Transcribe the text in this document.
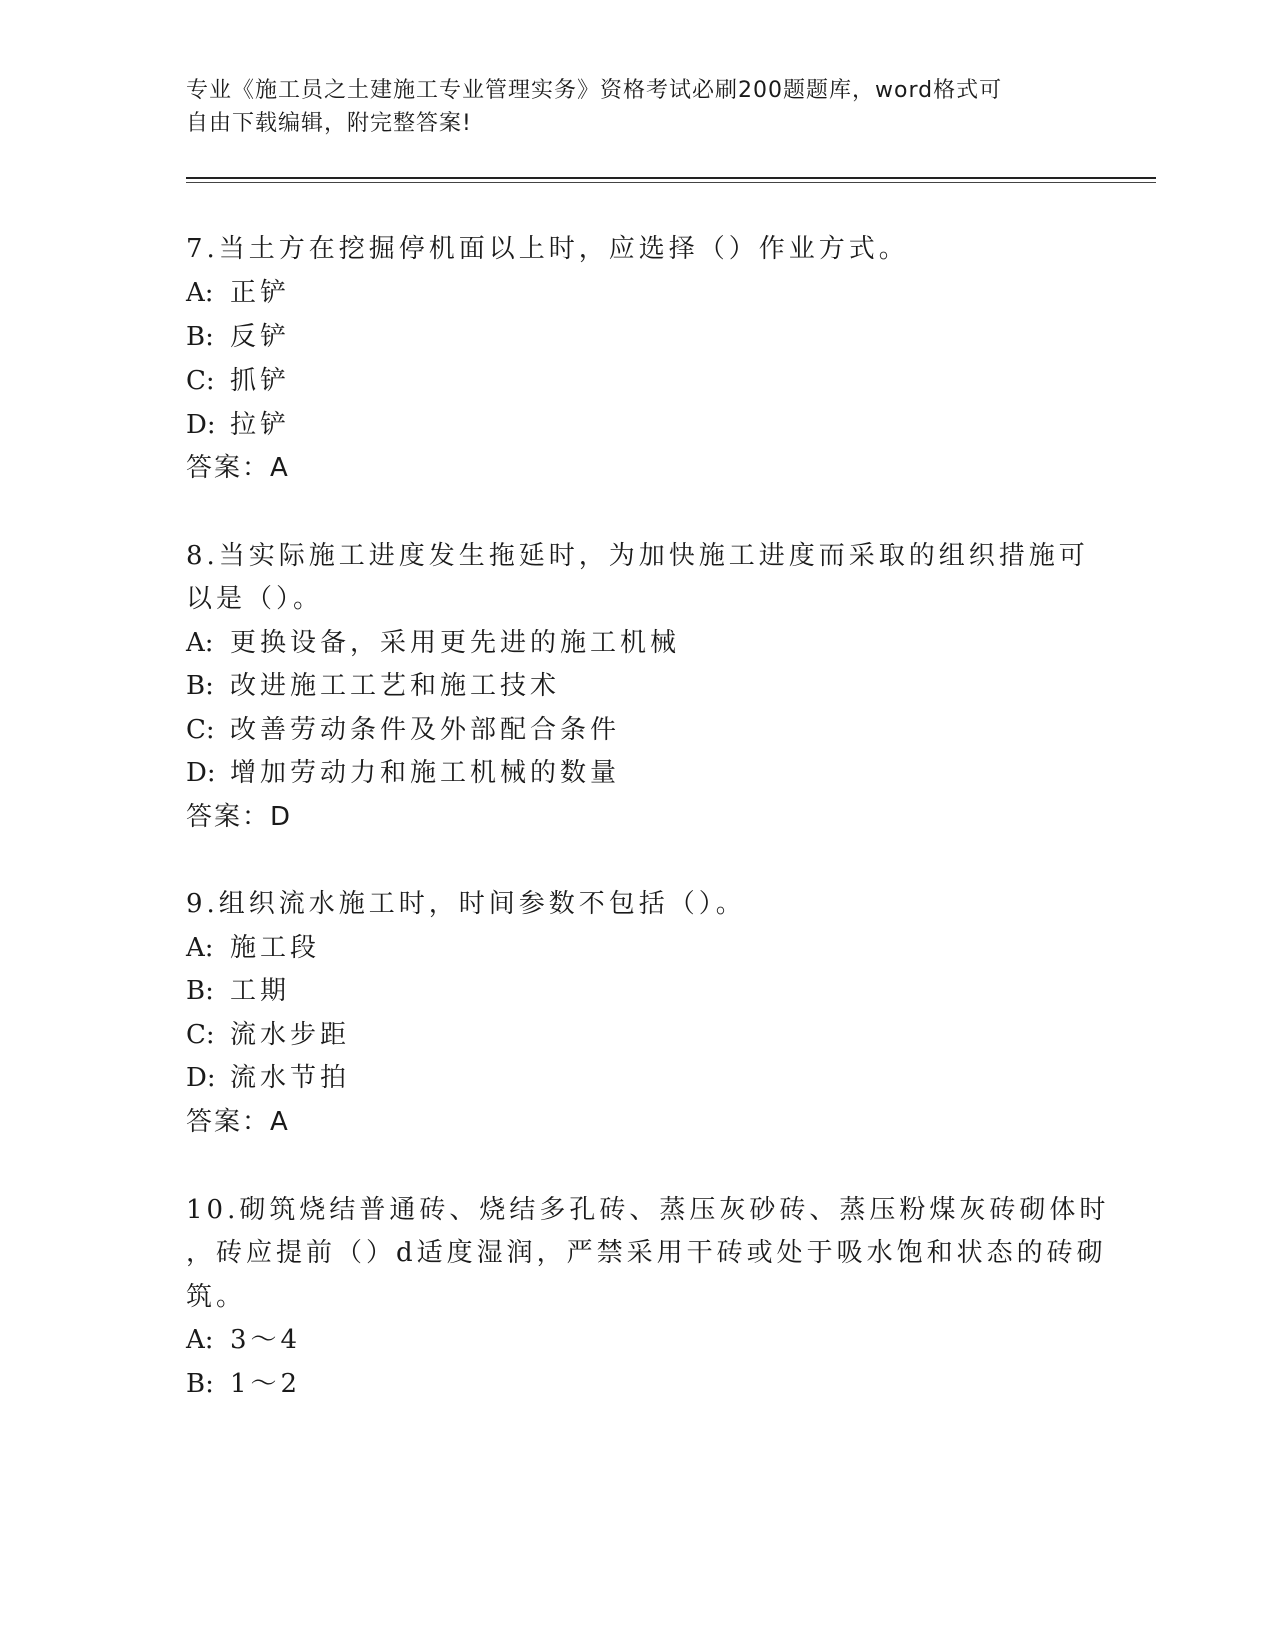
专业《施工员之土建施工专业管理实务》资格考试必刷200题题库，word格式可
自由下载编辑，附完整答案!
7.当土方在挖掘停机面以上时，应选择（）作业方式。
A: 正铲
B: 反铲
C: 抓铲
D: 拉铲
答案：A
8.当实际施工进度发生拖延时，为加快施工进度而采取的组织措施可
以是（）。
A: 更换设备，采用更先进的施工机械
B: 改进施工工艺和施工技术
C: 改善劳动条件及外部配合条件
D: 增加劳动力和施工机械的数量
答案：D
9.组织流水施工时，时间参数不包括（）。
A: 施工段
B: 工期
C: 流水步距
D: 流水节拍
答案：A
10.砌筑烧结普通砖、烧结多孔砖、蒸压灰砂砖、蒸压粉煤灰砖砌体时
，砖应提前（）d适度湿润，严禁采用干砖或处于吸水饱和状态的砖砌
筑。
A: 3～4
B: 1～2
